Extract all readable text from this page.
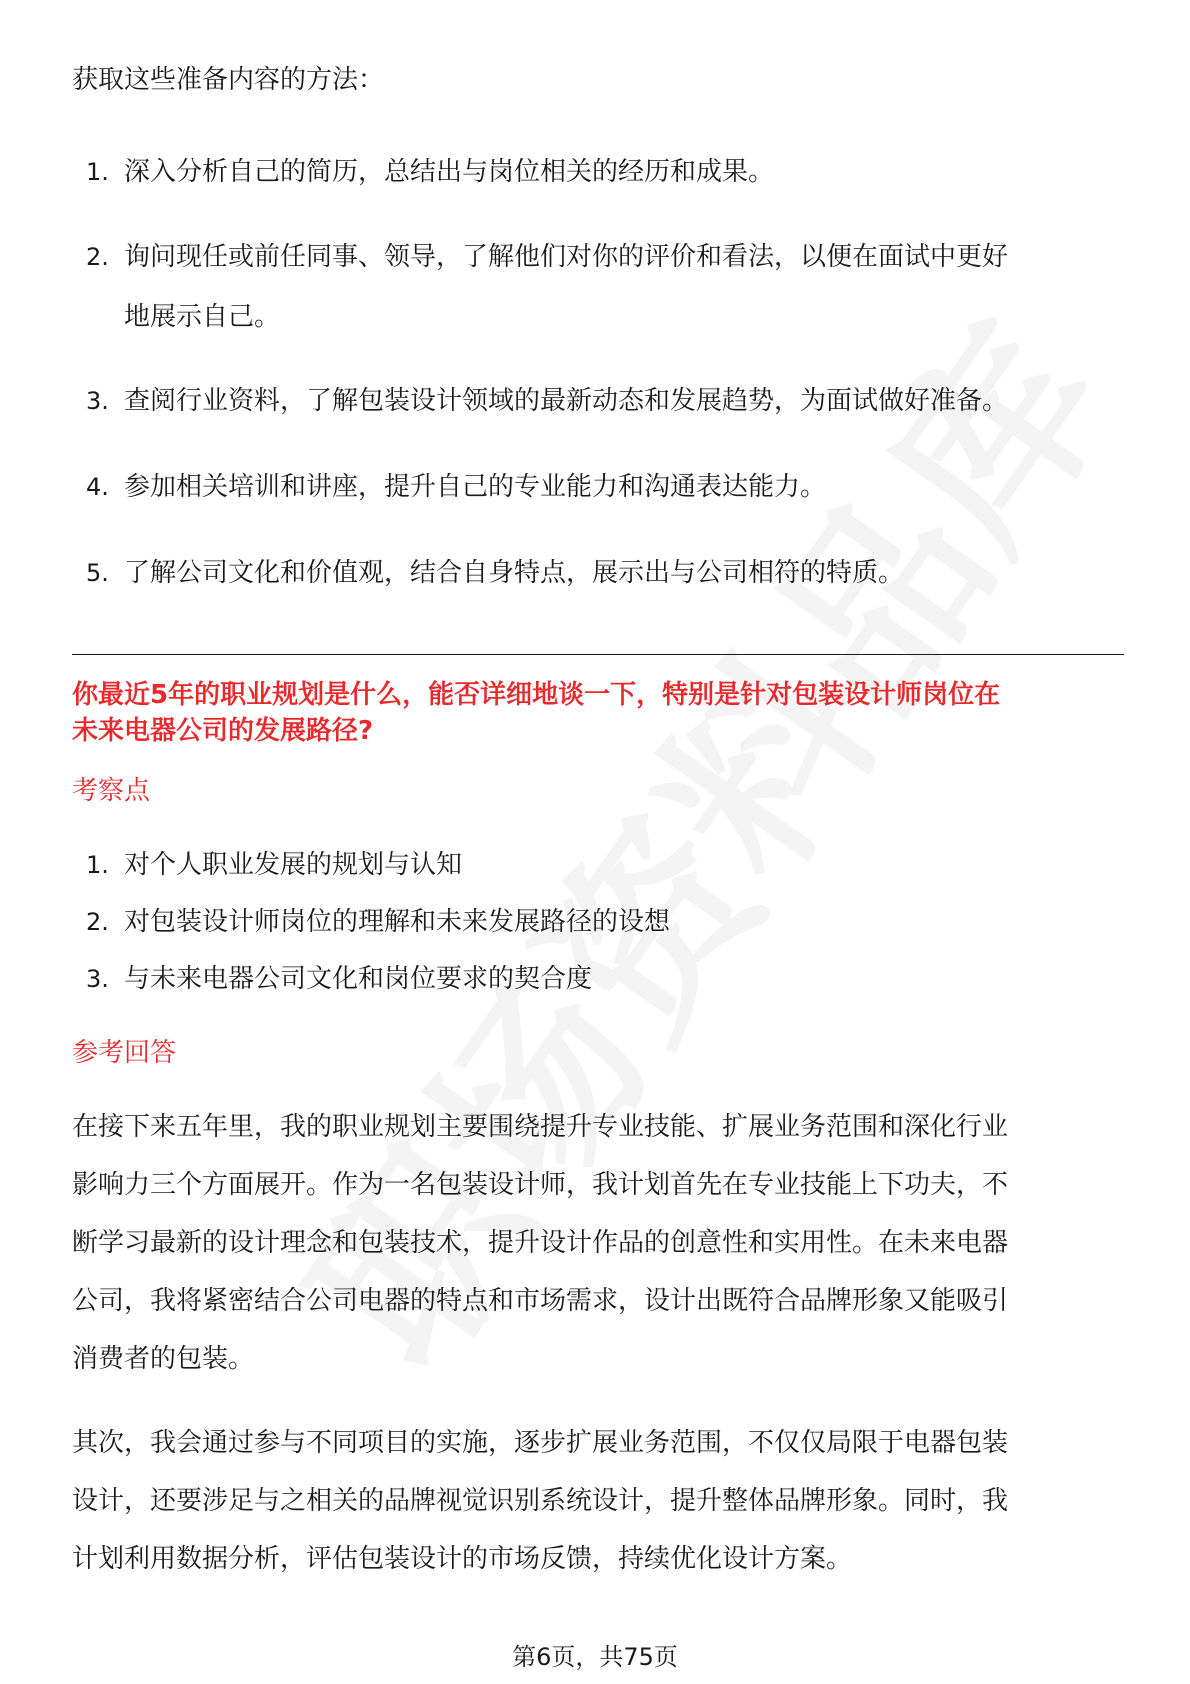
获取这些准备内容的方法：
1. 深入分析自己的简历，总结出与岗位相关的经历和成果。
2. 询问现任或前任同事、领导，了解他们对你的评价和看法，以便在面试中更好
地展示自己。
3. 查阅行业资料，了解包装设计领域的最新动态和发展趋势，为面试做好准备。
4. 参加相关培训和讲座，提升自己的专业能力和沟通表达能力。
5. 了解公司文化和价值观，结合自身特点，展示出与公司相符的特质。
你最近5年的职业规划是什么，能否详细地谈一下，特别是针对包装设计师岗位在
未来电器公司的发展路径?
考察点
1. 对个人职业发展的规划与认知
2. 对包装设计师岗位的理解和未来发展路径的设想
3. 与未来电器公司文化和岗位要求的契合度
参考回答
在接下来五年里，我的职业规划主要围绕提升专业技能、扩展业务范围和深化行业
影响力三个方面展开。作为一名包装设计师，我计划首先在专业技能上下功夫，不
断学习最新的设计理念和包装技术，提升设计作品的创意性和实用性。在未来电器
公司，我将紧密结合公司电器的特点和市场需求，设计出既符合品牌形象又能吸引
消费者的包装。
其次，我会通过参与不同项目的实施，逐步扩展业务范围，不仅仅局限于电器包装
设计，还要涉足与之相关的品牌视觉识别系统设计，提升整体品牌形象。同时，我
计划利用数据分析，评估包装设计的市场反馈，持续优化设计方案。
第6页，共75页
